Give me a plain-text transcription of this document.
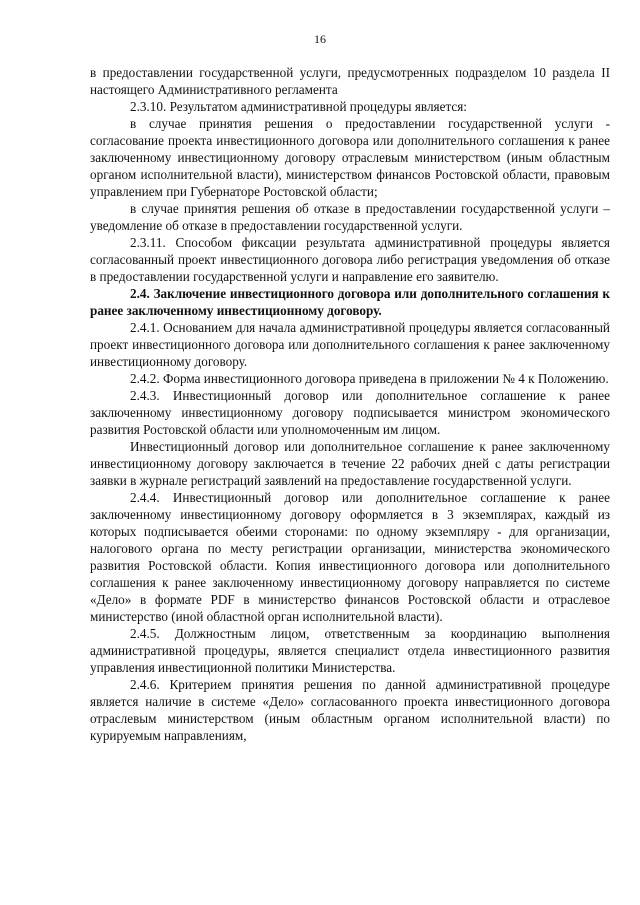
16

в предоставлении государственной услуги, предусмотренных подразделом 10 раздела II настоящего Административного регламента

2.3.10. Результатом административной процедуры является:

в случае принятия решения о предоставлении государственной услуги - согласование проекта инвестиционного договора или дополнительного соглашения к ранее заключенному инвестиционному договору отраслевым министерством (иным областным органом исполнительной власти), министерством финансов Ростовской области, правовым управлением при Губернаторе Ростовской области;

в случае принятия решения об отказе в предоставлении государственной услуги – уведомление об отказе в предоставлении государственной услуги.

2.3.11. Способом фиксации результата административной процедуры является согласованный проект инвестиционного договора либо регистрация уведомления об отказе в предоставлении государственной услуги и направление его заявителю.

2.4. Заключение инвестиционного договора или дополнительного соглашения к ранее заключенному инвестиционному договору.

2.4.1. Основанием для начала административной процедуры является согласованный проект инвестиционного договора или дополнительного соглашения к ранее заключенному инвестиционному договору.

2.4.2. Форма инвестиционного договора приведена в приложении № 4 к Положению.

2.4.3. Инвестиционный договор или дополнительное соглашение к ранее заключенному инвестиционному договору подписывается министром экономического развития Ростовской области или уполномоченным им лицом.

Инвестиционный договор или дополнительное соглашение к ранее заключенному инвестиционному договору заключается в течение 22 рабочих дней с даты регистрации заявки в журнале регистраций заявлений на предоставление государственной услуги.

2.4.4. Инвестиционный договор или дополнительное соглашение к ранее заключенному инвестиционному договору оформляется в 3 экземплярах, каждый из которых подписывается обеими сторонами: по одному экземпляру - для организации, налогового органа по месту регистрации организации, министерства экономического развития Ростовской области. Копия инвестиционного договора или дополнительного соглашения к ранее заключенному инвестиционному договору направляется по системе «Дело» в формате PDF в министерство финансов Ростовской области и отраслевое министерство (иной областной орган исполнительной власти).

2.4.5. Должностным лицом, ответственным за координацию выполнения административной процедуры, является специалист отдела инвестиционного развития управления инвестиционной политики Министерства.

2.4.6. Критерием принятия решения по данной административной процедуре является наличие в системе «Дело» согласованного проекта инвестиционного договора отраслевым министерством (иным областным органом исполнительной власти) по курируемым направлениям,
